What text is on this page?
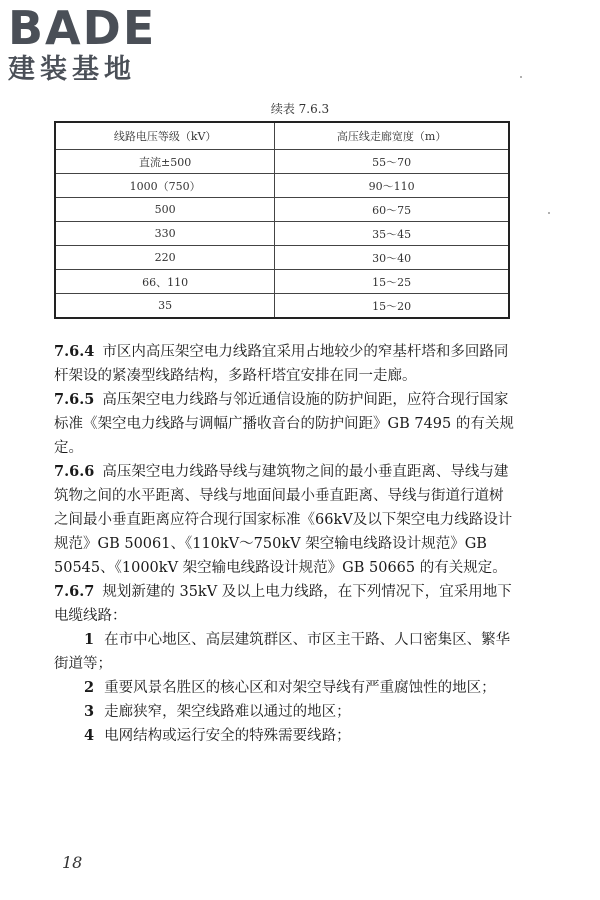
BADE
建装基地
续表 7.6.3
线路电压等级（kV）	高压线走廊宽度（m）
直流±500	55～70
1000（750）	90～110
500	60～75
330	35～45
220	30～40
66、110	15～25
35	15～20

7.6.4 市区内高压架空电力线路宜采用占地较少的窄基杆塔和多回路同杆架设的紧凑型线路结构，多路杆塔宜安排在同一走廊。

7.6.5 高压架空电力线路与邻近通信设施的防护间距，应符合现行国家标准《架空电力线路与调幅广播收音台的防护间距》GB 7495 的有关规定。

7.6.6 高压架空电力线路导线与建筑物之间的最小垂直距离、导线与建筑物之间的水平距离、导线与地面间最小垂直距离、导线与街道行道树之间最小垂直距离应符合现行国家标准《66kV及以下架空电力线路设计规范》GB 50061、《110kV～750kV 架空输电线路设计规范》GB 50545、《1000kV 架空输电线路设计规范》GB 50665 的有关规定。

7.6.7 规划新建的 35kV 及以上电力线路，在下列情况下，宜采用地下电缆线路：

1 在市中心地区、高层建筑群区、市区主干路、人口密集区、繁华街道等；

2 重要风景名胜区的核心区和对架空导线有严重腐蚀性的地区；

3 走廊狭窄，架空线路难以通过的地区；

4 电网结构或运行安全的特殊需要线路；

18
